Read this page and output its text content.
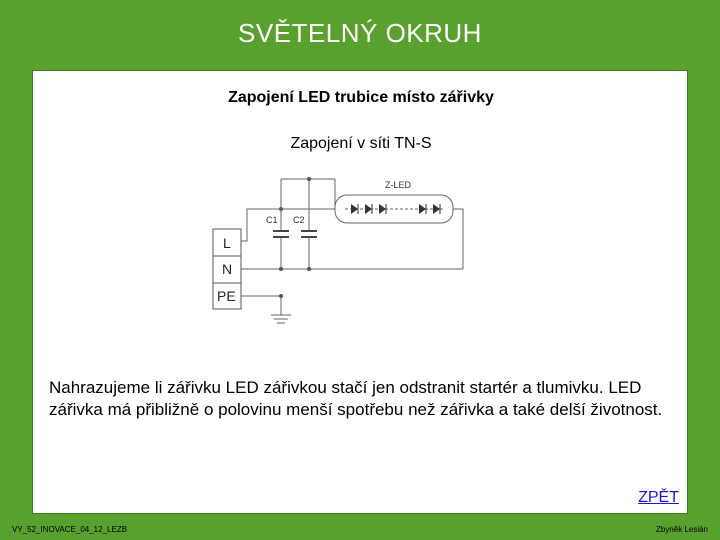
SVĚTELNÝ OKRUH
Zapojení LED trubice místo zářivky
Zapojení v síti TN-S
L
N
PE
C1 C2
Z-LED
Nahrazujeme li zářivku LED zářivkou stačí jen odstranit startér a tlumivku. LED zářivka má přibližně o polovinu menší spotřebu než zářivka a také delší životnost.
ZPĚT
VY_52_INOVACE_04_12_LEZB	Zbyněk Lesiàn
